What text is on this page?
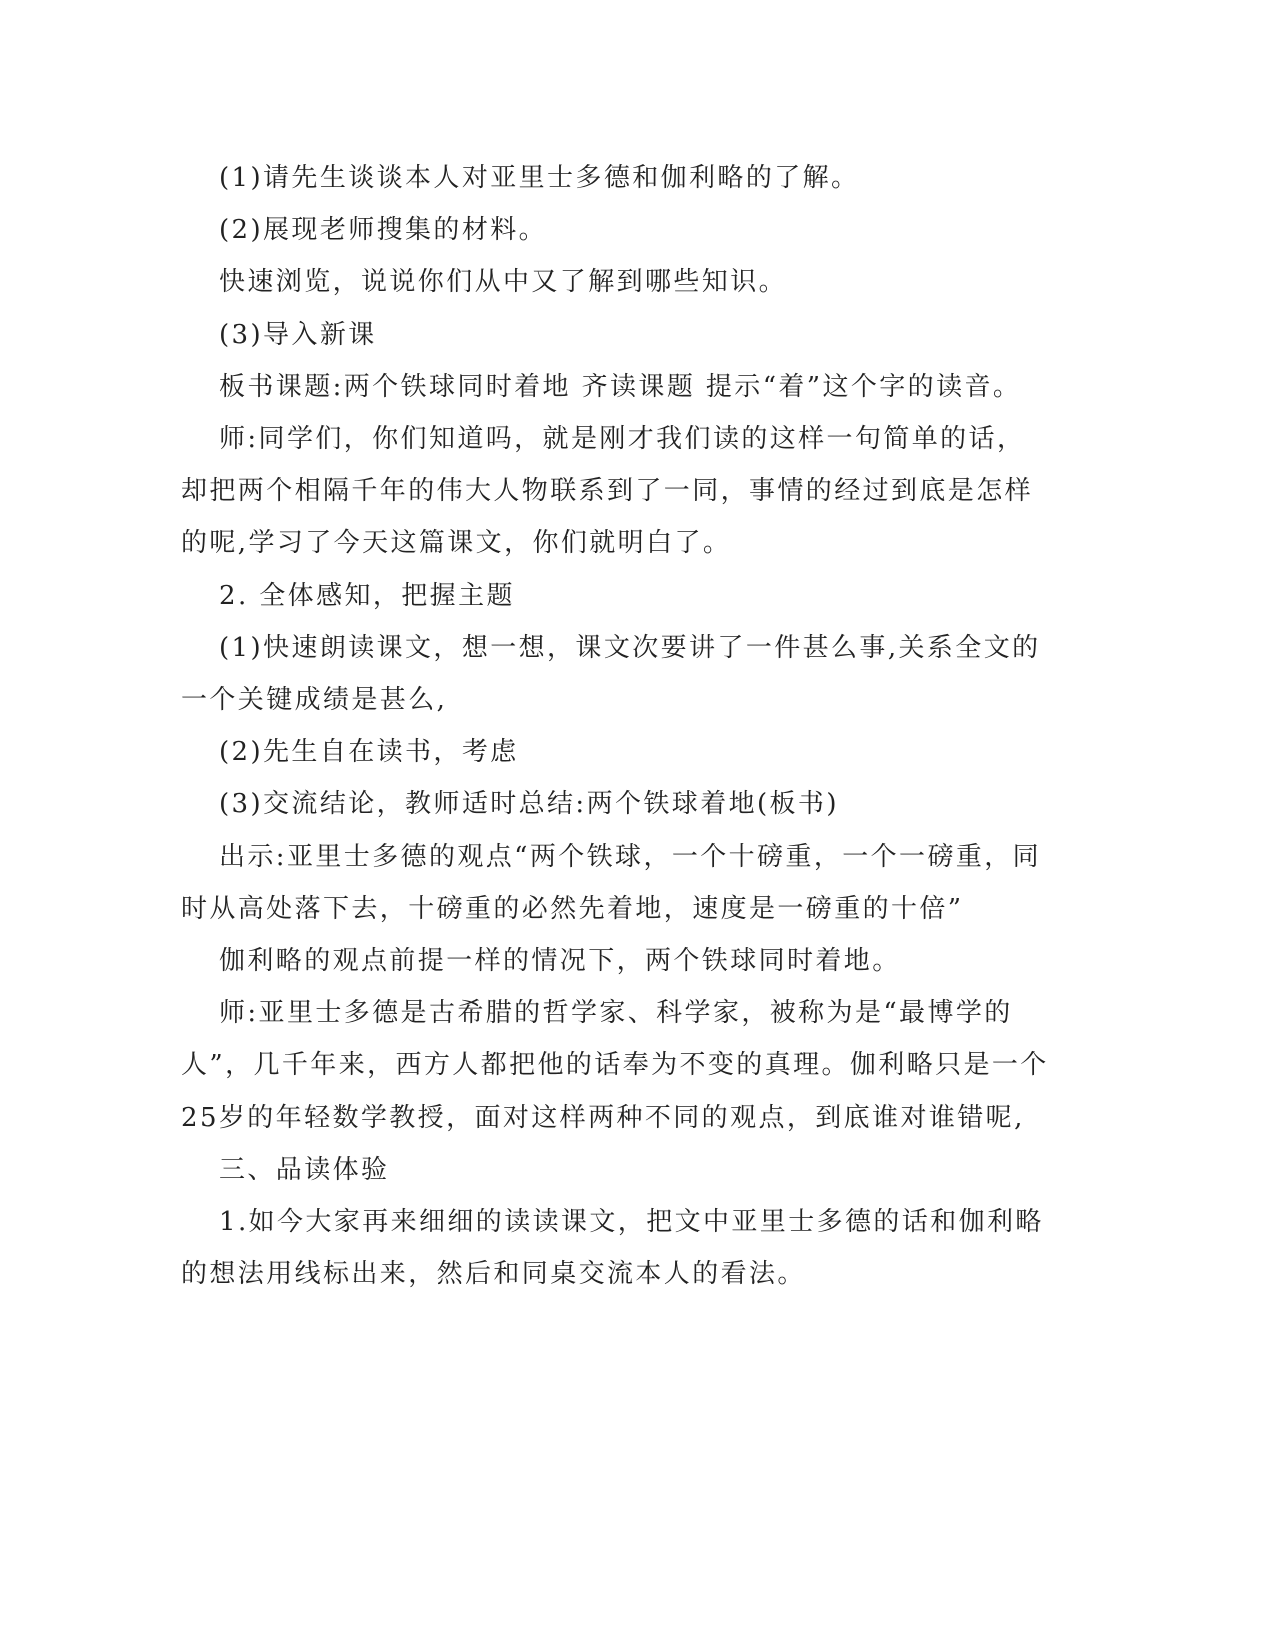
(1)请先生谈谈本人对亚里士多德和伽利略的了解。

(2)展现老师搜集的材料。

快速浏览，说说你们从中又了解到哪些知识。

(3)导入新课

板书课题:两个铁球同时着地 齐读课题 提示“着”这个字的读音。

师:同学们，你们知道吗，就是刚才我们读的这样一句简单的话，却把两个相隔千年的伟大人物联系到了一同，事情的经过到底是怎样的呢,学习了今天这篇课文，你们就明白了。

2. 全体感知，把握主题

(1)快速朗读课文，想一想，课文次要讲了一件甚么事,关系全文的一个关键成绩是甚么,

(2)先生自在读书，考虑

(3)交流结论，教师适时总结:两个铁球着地(板书)

出示:亚里士多德的观点“两个铁球，一个十磅重，一个一磅重，同时从高处落下去，十磅重的必然先着地，速度是一磅重的十倍”

伽利略的观点前提一样的情况下，两个铁球同时着地。

师:亚里士多德是古希腊的哲学家、科学家，被称为是“最博学的人”，几千年来，西方人都把他的话奉为不变的真理。伽利略只是一个25岁的年轻数学教授，面对这样两种不同的观点，到底谁对谁错呢,

三、品读体验

1.如今大家再来细细的读读课文，把文中亚里士多德的话和伽利略的想法用线标出来，然后和同桌交流本人的看法。
